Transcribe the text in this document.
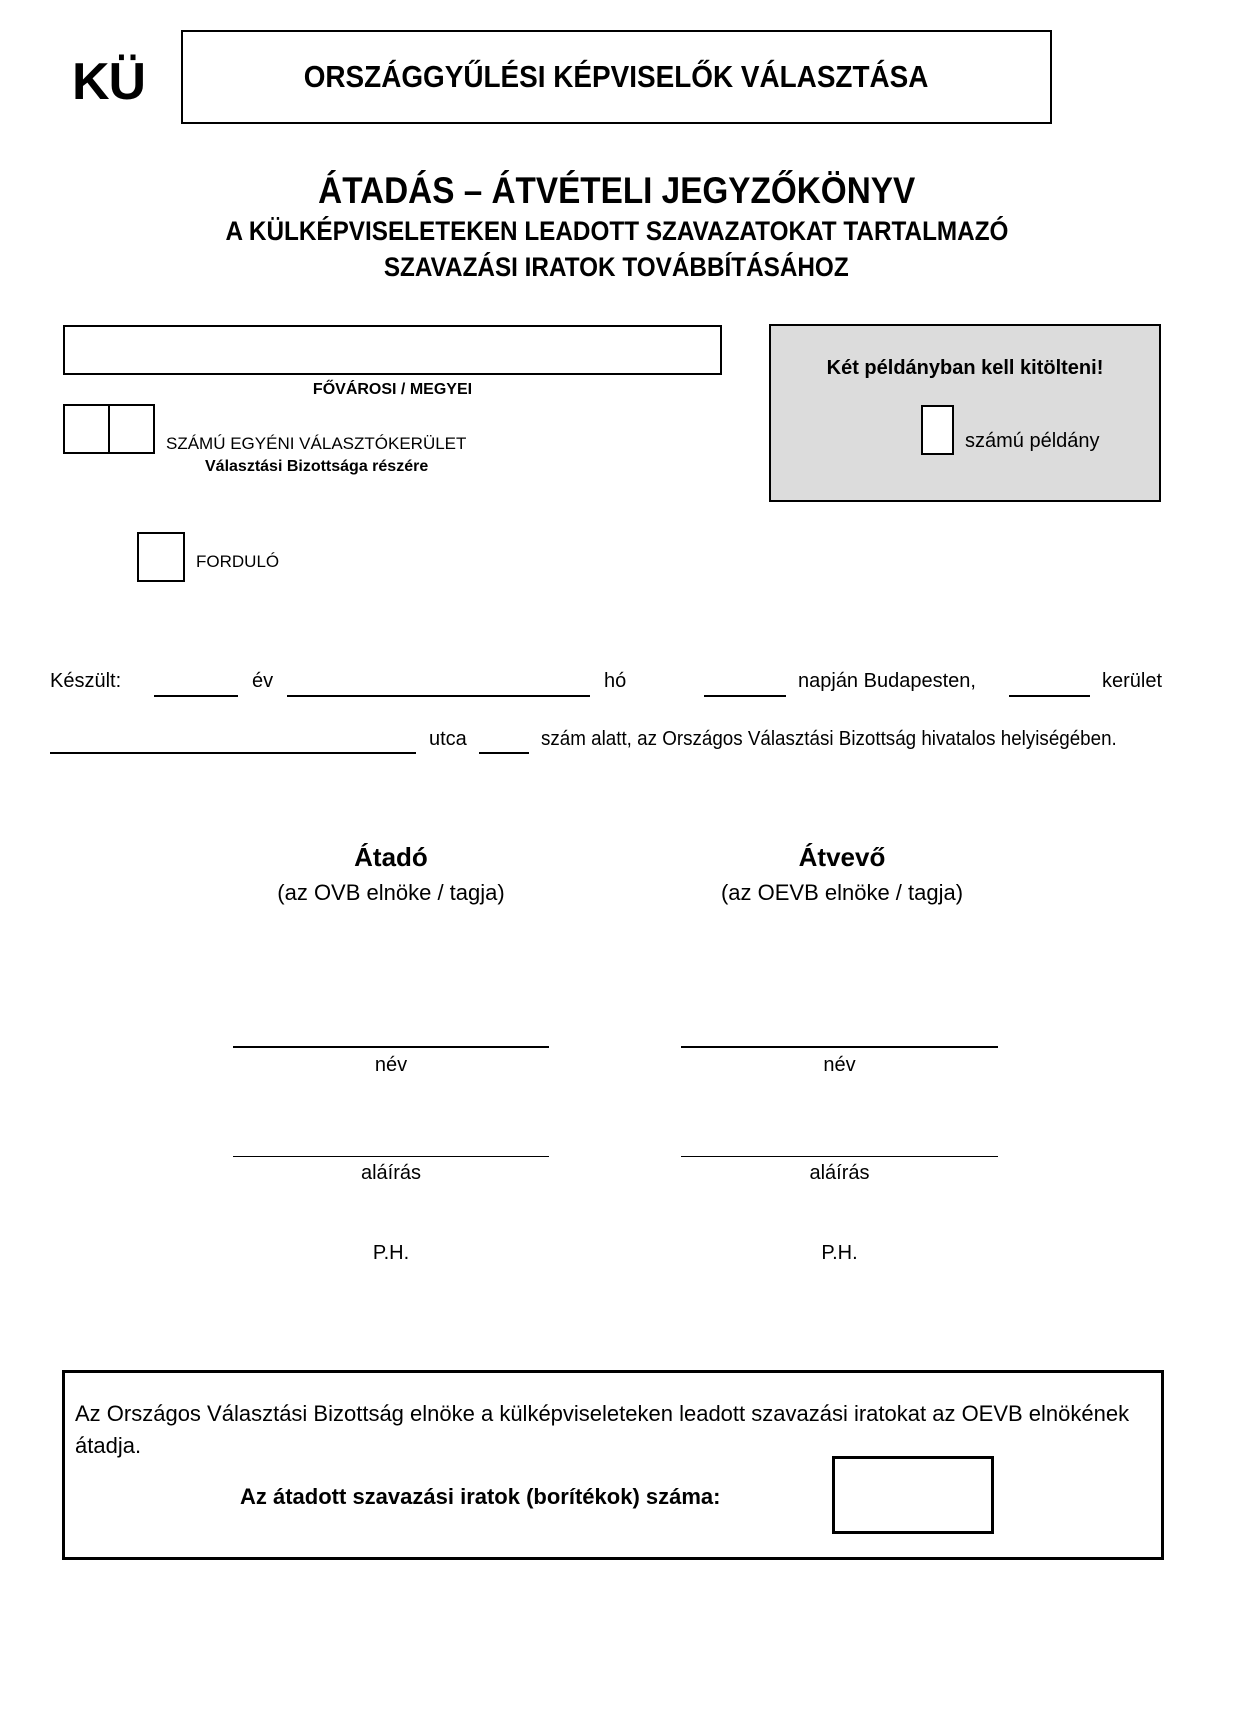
KÜ	ORSZÁGGYŰLÉSI KÉPVISELŐK VÁLASZTÁSA
ÁTADÁS – ÁTVÉTELI JEGYZŐKÖNYV
A KÜLKÉPVISELETEKEN LEADOTT SZAVAZATOKAT TARTALMAZÓ
SZAVAZÁSI IRATOK TOVÁBBÍTÁSÁHOZ
FŐVÁROSI / MEGYEI
SZÁMÚ EGYÉNI VÁLASZTÓKERÜLET
Választási Bizottsága részére
Két példányban kell kitölteni!
számú példány
FORDULÓ
Készült:	év	hó	napján Budapesten,	kerület
utca	szám alatt, az Országos Választási Bizottság hivatalos helyiségében.
Átadó
(az OVB elnöke / tagja)
név
aláírás
P.H.
Átvevő
(az OEVB elnöke / tagja)
név
aláírás
P.H.
Az Országos Választási Bizottság elnöke a külképviseleteken leadott szavazási iratokat az OEVB elnökének átadja.
Az átadott szavazási iratok (borítékok) száma:
